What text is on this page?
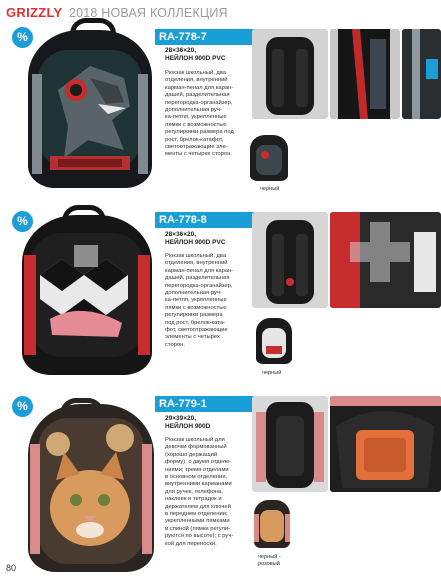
GRIZZLY 2018 НОВАЯ КОЛЛЕКЦИЯ
%	RA-778-7
28×36×20,
НЕЙЛОН 900D PVC
Рюкзак школьный, два
отделения, внутренний
карман-пенал для каран-
дашей, разделительная
перегородка-органайзер,
дополнительная руч-
ка-петля, укрепленные
лямки с возможностью
регулировки размера под
рост, брелок-катафот,
светоотражающие эле-
менты с четырех сторон.
черный
%	RA-778-8
28×36×20,
НЕЙЛОН 900D PVC
Рюкзак школьный, два
отделения, внутренний
карман-пенал для каран-
дашей, разделительная
перегородка-органайзер,
дополнительная руч-
ка-петля, укрепленные
лямки с возможностью
регулировки размера
под рост, брелок-ката-
фот, светоотражающие
элементы с четырех
сторон.
черный
%	RA-779-1
29×39×20,
НЕЙЛОН 900D
Рюкзак школьный для
девочки формованный
(хорошо держащий
форму), с двумя отделе-
ниями; тремя отделами
в основном отделении,
внутренними карманами
для ручек, телефона,
наклеек и тетрадок и
держателем для ключей
в переднем отделении;
укрепленными лямками
и спиной (лямки регули-
руются по высоте); с руч-
кой для переноски.
черный -
розовый
80
